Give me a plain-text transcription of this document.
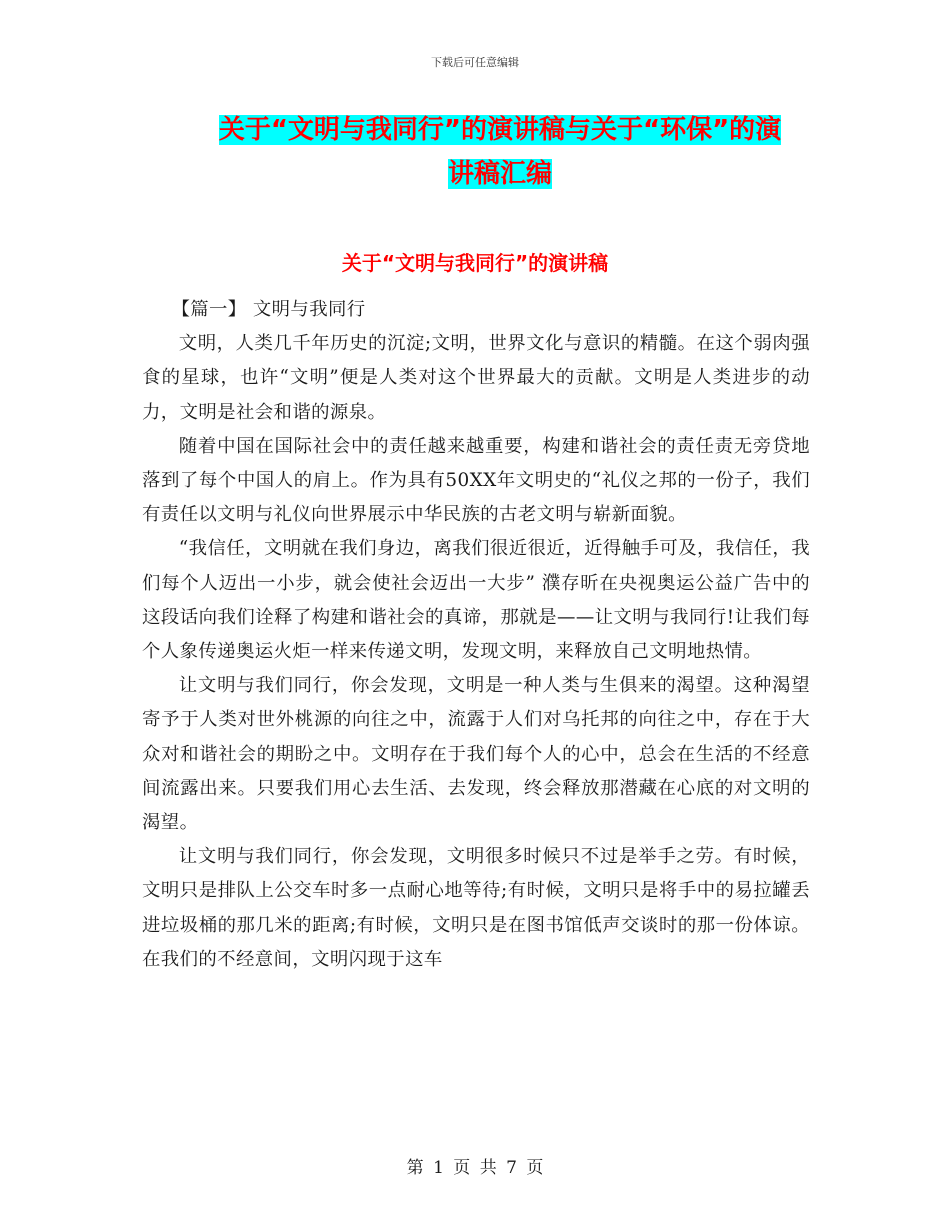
下载后可任意编辑
关于“文明与我同行”的演讲稿与关于“环保”的演
讲稿汇编
关于“文明与我同行”的演讲稿

【篇一】 文明与我同行

文明，人类几千年历史的沉淀;文明，世界文化与意识的精髓。在这个弱肉强食的星球，也许“文明”便是人类对这个世界最大的贡献。文明是人类进步的动力，文明是社会和谐的源泉。

随着中国在国际社会中的责任越来越重要，构建和谐社会的责任责无旁贷地落到了每个中国人的肩上。作为具有50XX年文明史的“礼仪之邦的一份子，我们有责任以文明与礼仪向世界展示中华民族的古老文明与崭新面貌。

“我信任，文明就在我们身边，离我们很近很近，近得触手可及，我信任，我们每个人迈出一小步，就会使社会迈出一大步” 濮存昕在央视奥运公益广告中的这段话向我们诠释了构建和谐社会的真谛，那就是——让文明与我同行!让我们每个人象传递奥运火炬一样来传递文明，发现文明，来释放自己文明地热情。

让文明与我们同行，你会发现，文明是一种人类与生俱来的渴望。这种渴望寄予于人类对世外桃源的向往之中，流露于人们对乌托邦的向往之中，存在于大众对和谐社会的期盼之中。文明存在于我们每个人的心中，总会在生活的不经意间流露出来。只要我们用心去生活、去发现，终会释放那潜藏在心底的对文明的渴望。

让文明与我们同行，你会发现，文明很多时候只不过是举手之劳。有时候，文明只是排队上公交车时多一点耐心地等待;有时候，文明只是将手中的易拉罐丢进垃圾桶的那几米的距离;有时候，文明只是在图书馆低声交谈时的那一份体谅。在我们的不经意间，文明闪现于这车

第 1 页 共 7 页
